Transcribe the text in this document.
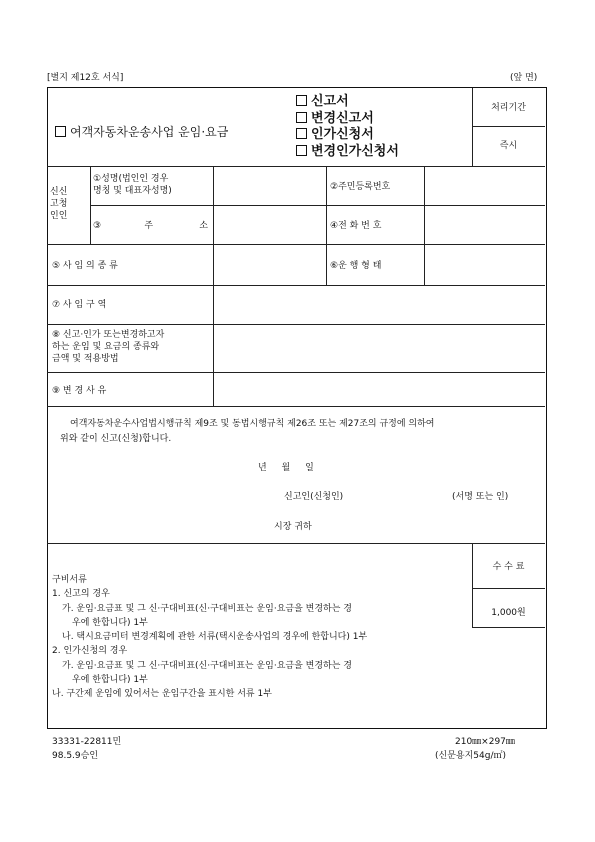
[별지 제12호 서식]	(앞 면)
여객자동차운송사업 운임·요금
신고서
변경신고서
인가신청서
변경인가신청서
처리기간
즉시
신신
고청
인인
①성명(법인인 경우
명칭 및 대표자성명)	②주민등록번호
③주 소	④전 화 번 호
⑤ 사 임 의 종 류	⑥운 행 형 태
⑦ 사 임 구 역
⑧ 신고·인가 또는변경하고자
하는 운임 및 요금의 종류와
금액 및 적용방법
⑨ 변 경 사 유
여객자동차운수사업법시행규칙 제9조 및 동법시행규칙 제26조 또는 제27조의 규정에 의하여
위와 같이 신고(신청)합니다.
년 월 일
신고인(신청인)	(서명 또는 인)
시장 귀하
구비서류
1. 신고의 경우
가. 운임·요금표 및 그 신·구대비표(신·구대비표는 운임·요금을 변경하는 경
우에 한합니다) 1부
나. 택시요금미터 변경계획에 관한 서류(택시운송사업의 경우에 한합니다) 1부
2. 인가신청의 경우
가. 운임·요금표 및 그 신·구대비표(신·구대비표는 운임·요금을 변경하는 경
우에 한합니다) 1부
나. 구간제 운임에 있어서는 운임구간을 표시한 서류 1부
수 수 료
1,000원
33331-22811민
98.5.9승인
210㎜×297㎜
(신문용지54g/㎡)
